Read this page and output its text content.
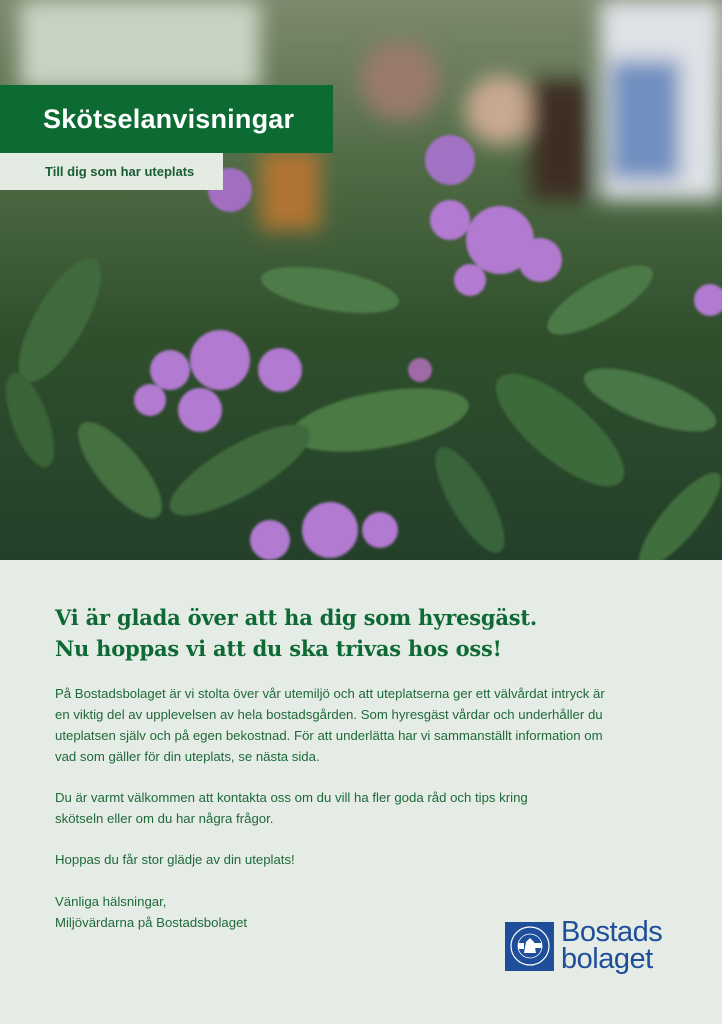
Skötselanvisningar
Till dig som har uteplats
Vi är glada över att ha dig som hyresgäst.
Nu hoppas vi att du ska trivas hos oss!
På Bostadsbolaget är vi stolta över vår utemiljö och att uteplatserna ger ett välvårdat intryck är
en viktig del av upplevelsen av hela bostadsgården. Som hyresgäst vårdar och underhåller du
uteplatsen själv och på egen bekostnad. För att underlätta har vi sammanställt information om
vad som gäller för din uteplats, se nästa sida.
Du är varmt välkommen att kontakta oss om du vill ha fler goda råd och tips kring
skötseln eller om du har några frågor.
Hoppas du får stor glädje av din uteplats!
Vänliga hälsningar,
Miljövärdarna på Bostadsbolaget	Bostads
bolaget
